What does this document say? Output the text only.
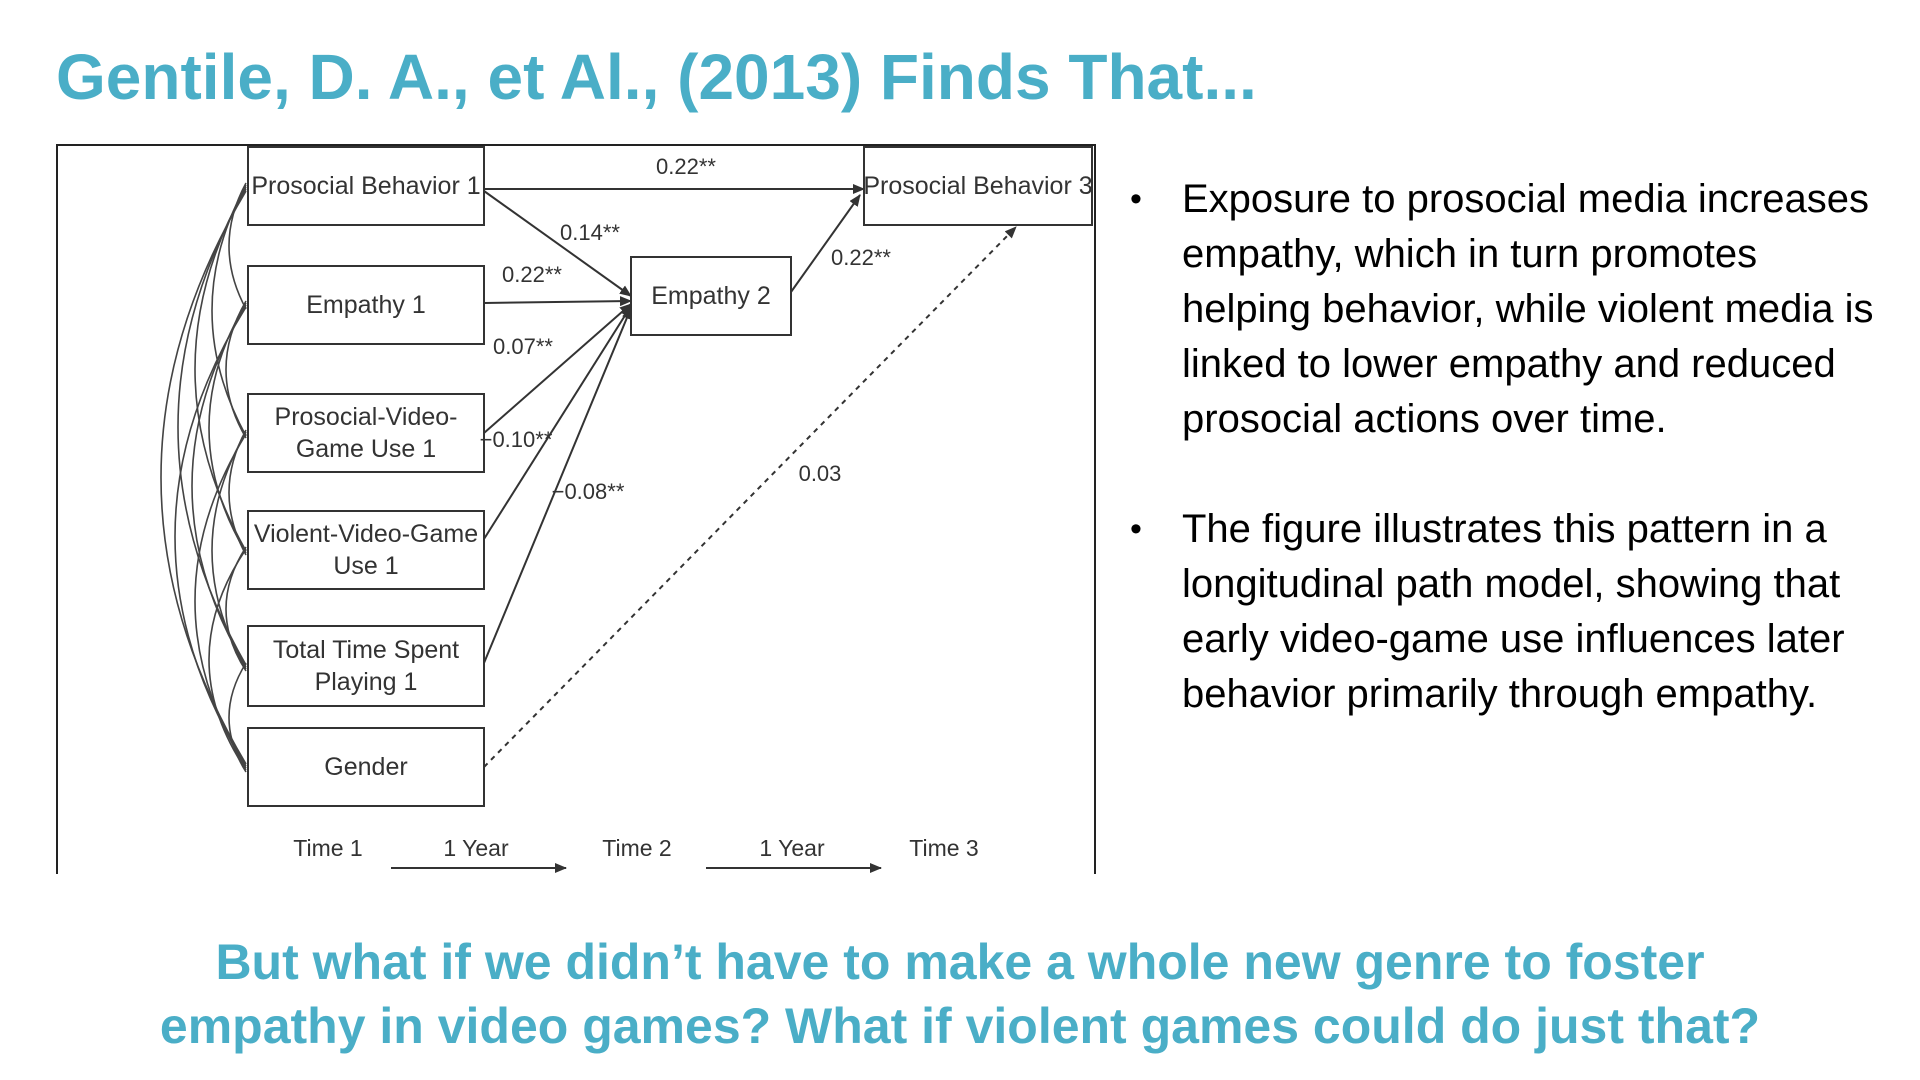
Gentile, D. A., et Al., (2013) Finds That...
Prosocial Behavior 1
Empathy 1
Prosocial-Video-
Game Use 1
Violent-Video-Game
Use 1
Total Time Spent
Playing 1
Gender
Empathy 2
Prosocial Behavior 3
0.22**
0.14**
0.22**
0.07**
−0.10**
−0.08**
0.22**
0.03
Time 1	1 Year	Time 2	1 Year	Time 3
• Exposure to prosocial media increases empathy, which in turn promotes helping behavior, while violent media is linked to lower empathy and reduced prosocial actions over time.
• The figure illustrates this pattern in a longitudinal path model, showing that early video-game use influences later behavior primarily through empathy.
But what if we didn’t have to make a whole new genre to foster
empathy in video games? What if violent games could do just that?
